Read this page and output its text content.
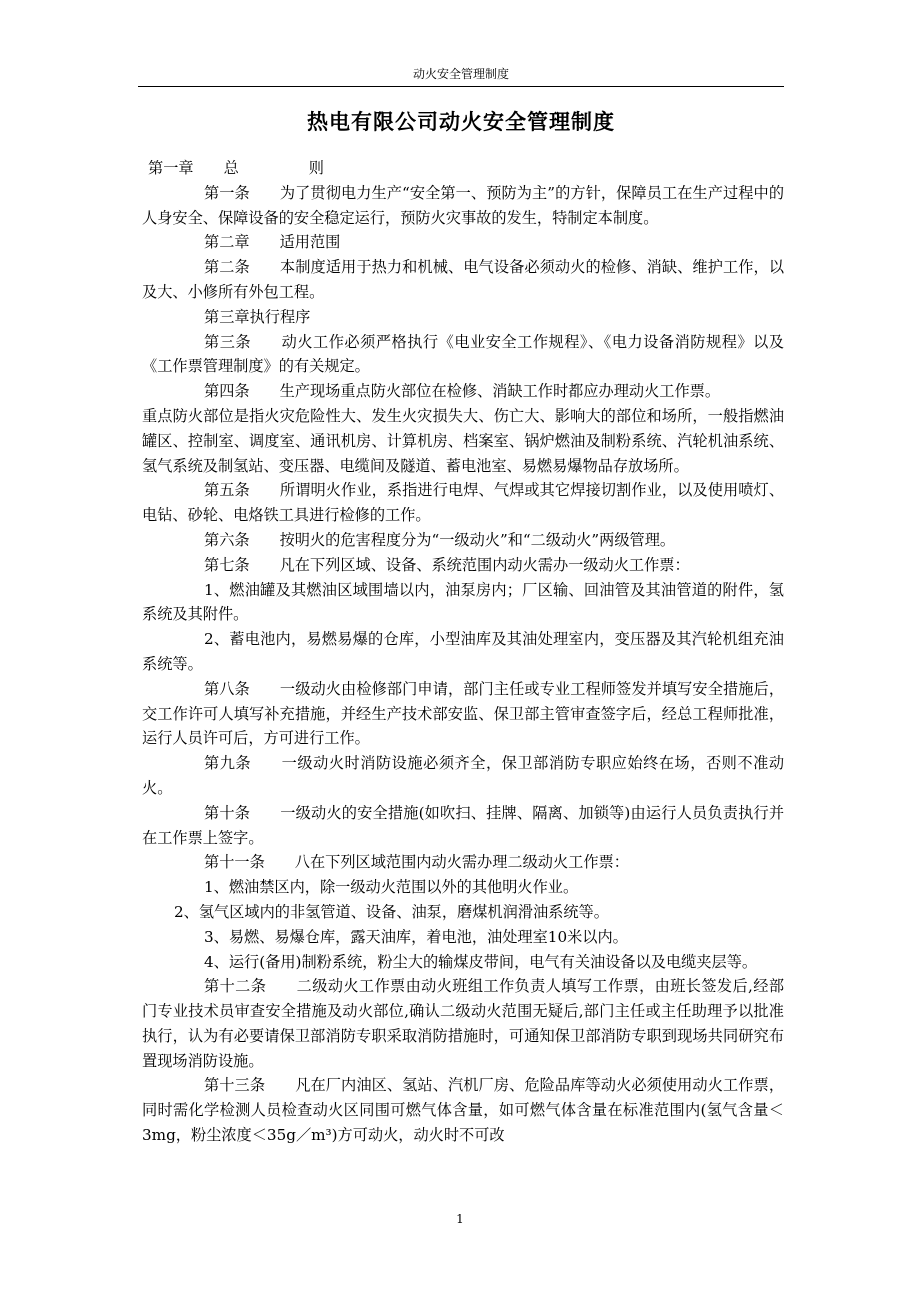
动火安全管理制度
热电有限公司动火安全管理制度

第一章 总	则

第一条 为了贯彻电力生产“安全第一、预防为主”的方针，保障员工在生产过程中的人身安全、保障设备的安全稳定运行，预防火灾事故的发生，特制定本制度。

第二章 适用范围

第二条 本制度适用于热力和机械、电气设备必须动火的检修、消缺、维护工作，以及大、小修所有外包工程。

第三章执行程序

第三条 动火工作必须严格执行《电业安全工作规程》、《电力设备消防规程》以及《工作票管理制度》的有关规定。

第四条 生产现场重点防火部位在检修、消缺工作时都应办理动火工作票。

重点防火部位是指火灾危险性大、发生火灾损失大、伤亡大、影响大的部位和场所，一般指燃油罐区、控制室、调度室、通讯机房、计算机房、档案室、锅炉燃油及制粉系统、汽轮机油系统、氢气系统及制氢站、变压器、电缆间及隧道、蓄电池室、易燃易爆物品存放场所。

第五条 所谓明火作业，系指进行电焊、气焊或其它焊接切割作业，以及使用喷灯、电钻、砂轮、电烙铁工具进行检修的工作。

第六条 按明火的危害程度分为“一级动火”和“二级动火”两级管理。

第七条 凡在下列区域、设备、系统范围内动火需办一级动火工作票：

1、燃油罐及其燃油区域围墙以内，油泵房内；厂区输、回油管及其油管道的附件，氢系统及其附件。

2、蓄电池内，易燃易爆的仓库，小型油库及其油处理室内，变压器及其汽轮机组充油系统等。

第八条 一级动火由检修部门申请，部门主任或专业工程师签发并填写安全措施后，交工作许可人填写补充措施，并经生产技术部安监、保卫部主管审查签字后，经总工程师批准，运行人员许可后，方可进行工作。

第九条 一级动火时消防设施必须齐全，保卫部消防专职应始终在场，否则不准动火。

第十条 一级动火的安全措施(如吹扫、挂牌、隔离、加锁等)由运行人员负责执行并在工作票上签字。

第十一条 八在下列区域范围内动火需办理二级动火工作票：

1、燃油禁区内，除一级动火范围以外的其他明火作业。

2、氢气区域内的非氢管道、设备、油泵，磨煤机润滑油系统等。

3、易燃、易爆仓库，露天油库，着电池，油处理室10米以内。

4、运行(备用)制粉系统，粉尘大的输煤皮带间，电气有关油设备以及电缆夹层等。

第十二条 二级动火工作票由动火班组工作负责人填写工作票，由班长签发后,经部门专业技术员审查安全措施及动火部位,确认二级动火范围无疑后,部门主任或主任助理予以批准执行，认为有必要请保卫部消防专职采取消防措施时，可通知保卫部消防专职到现场共同研究布置现场消防设施。

第十三条 凡在厂内油区、氢站、汽机厂房、危险品库等动火必须使用动火工作票，同时需化学检测人员检查动火区同围可燃气体含量，如可燃气体含量在标准范围内(氢气含量＜3mg，粉尘浓度＜35g／m³)方可动火，动火时不可改

1
